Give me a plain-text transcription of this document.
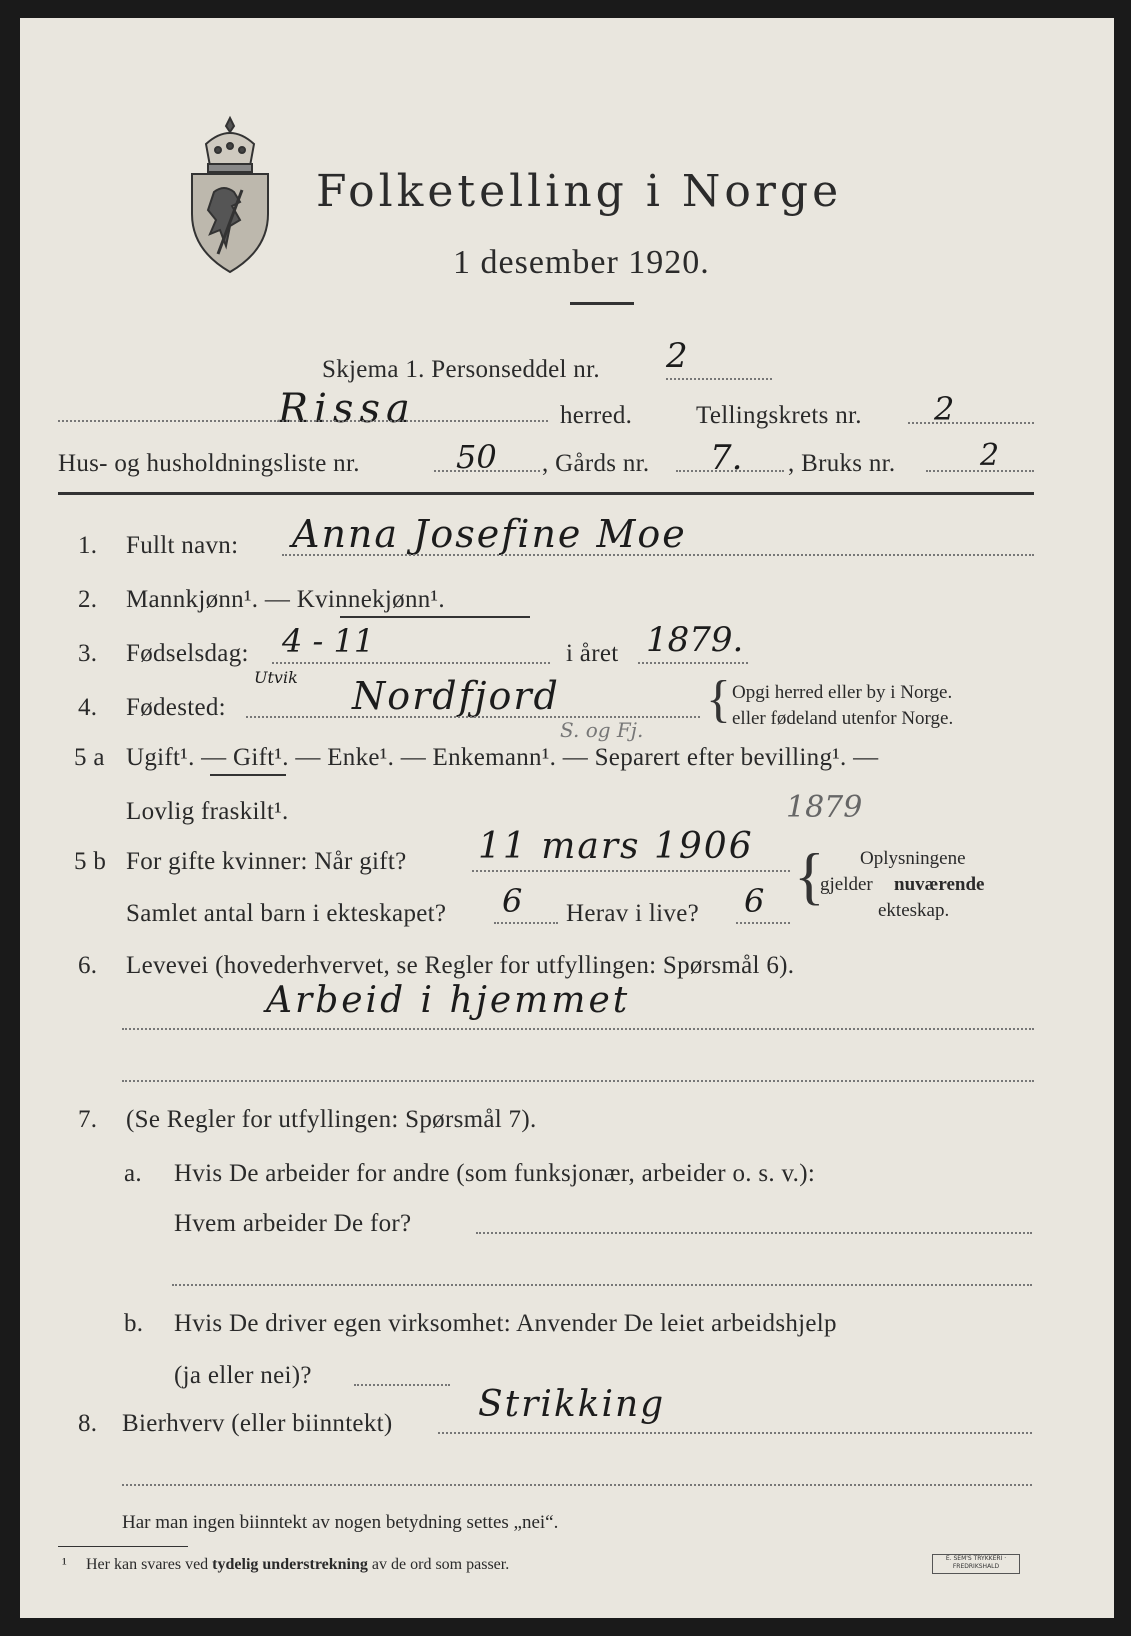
Folketelling i Norge
1 desember 1920.
Skjema 1. Personseddel nr. 2
Rissa	herred.	Tellingskrets nr. 2
Hus- og husholdningsliste nr.	50 , Gårds nr. 7. , Bruks nr.	2
1. Fullt navn: Anna Josefine Moe
2. Mannkjønn¹. — Kvinnekjønn¹.
3. Fødselsdag: 4 - 11	i året 1879.
4. Fødested:
Utvik Nordfjord
S. og Fj.
{ Opgi herred eller by i Norge.
eller fødeland utenfor Norge.
5 a Ugift¹. — Gift¹. — Enke¹. — Enkemann¹. — Separert efter bevilling¹. —
Lovlig fraskilt¹.
5 b For gifte kvinner: Når gift? 11 mars 1906
1879
Samlet antal barn i ekteskapet? 6 Herav i live? 6 { Oplysningene
gjelder nuværende
ekteskap.
6. Levevei (hovederhvervet, se Regler for utfyllingen: Spørsmål 6).
Arbeid i hjemmet
7. (Se Regler for utfyllingen: Spørsmål 7).
a. Hvis De arbeider for andre (som funksjonær, arbeider o. s. v.):
Hvem arbeider De for?
b. Hvis De driver egen virksomhet: Anvender De leiet arbeidshjelp
(ja eller nei)?
8. Bierhverv (eller biinntekt) Strikking
Har man ingen biinntekt av nogen betydning settes „nei“.
¹ Her kan svares ved tydelig understrekning av de ord som passer.	E. SEM'S TRYKKERI · FREDRIKSHALD
